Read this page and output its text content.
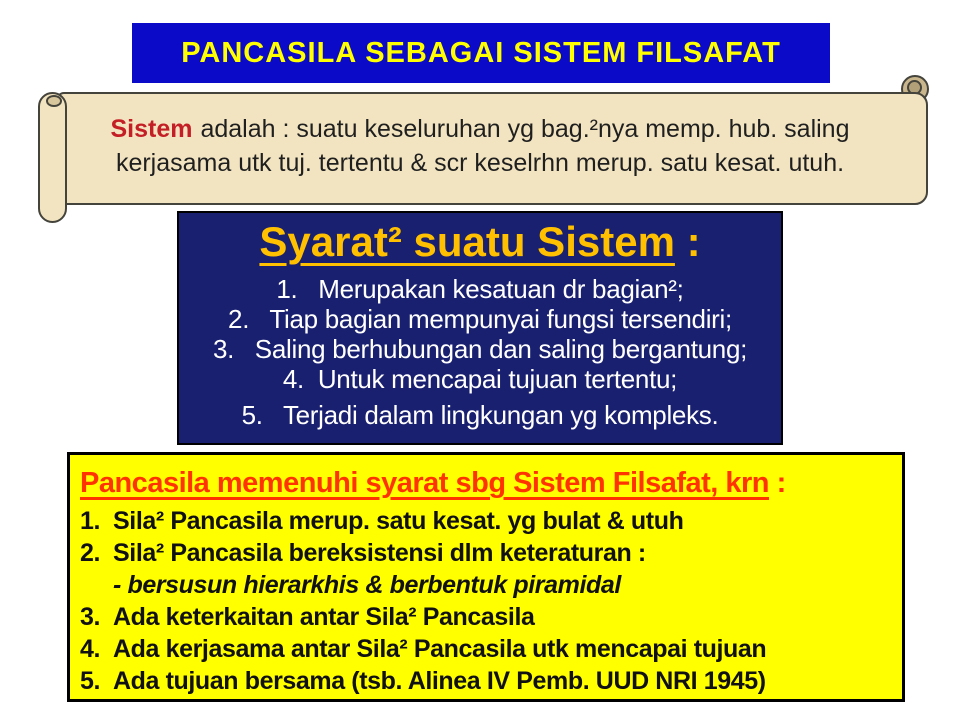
PANCASILA SEBAGAI SISTEM FILSAFAT
Sistem adalah : suatu keseluruhan yg bag.²nya memp. hub. saling
kerjasama utk tuj. tertentu & scr keselrhn merup. satu kesat. utuh.
Syarat² suatu Sistem :
1.   Merupakan kesatuan dr bagian²;
2.   Tiap bagian mempunyai fungsi tersendiri;
3.   Saling berhubungan dan saling bergantung;
4.  Untuk mencapai tujuan tertentu;
5.   Terjadi dalam lingkungan yg kompleks.
Pancasila memenuhi syarat sbg Sistem Filsafat, krn :
1. Sila² Pancasila merup. satu kesat. yg bulat & utuh
2. Sila² Pancasila bereksistensi dlm keteraturan :
- bersusun hierarkhis & berbentuk piramidal
3. Ada keterkaitan antar Sila² Pancasila
4. Ada kerjasama antar Sila² Pancasila utk mencapai tujuan
5. Ada tujuan bersama (tsb. Alinea IV Pemb. UUD NRI 1945)
